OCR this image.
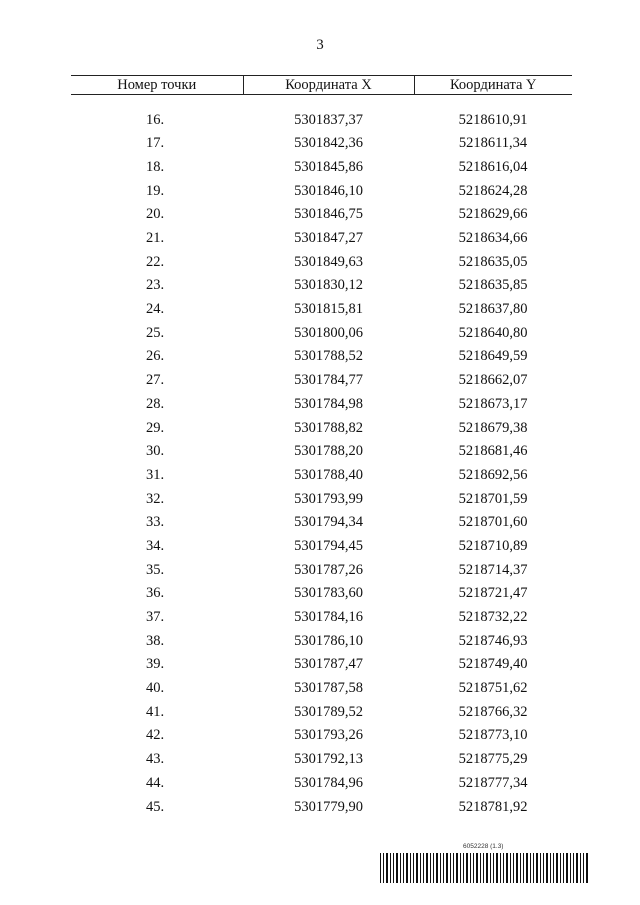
3
Номер точки	Координата X	Координата Y

16.	5301837,37	5218610,91
17.	5301842,36	5218611,34
18.	5301845,86	5218616,04
19.	5301846,10	5218624,28
20.	5301846,75	5218629,66
21.	5301847,27	5218634,66
22.	5301849,63	5218635,05
23.	5301830,12	5218635,85
24.	5301815,81	5218637,80
25.	5301800,06	5218640,80
26.	5301788,52	5218649,59
27.	5301784,77	5218662,07
28.	5301784,98	5218673,17
29.	5301788,82	5218679,38
30.	5301788,20	5218681,46
31.	5301788,40	5218692,56
32.	5301793,99	5218701,59
33.	5301794,34	5218701,60
34.	5301794,45	5218710,89
35.	5301787,26	5218714,37
36.	5301783,60	5218721,47
37.	5301784,16	5218732,22
38.	5301786,10	5218746,93
39.	5301787,47	5218749,40
40.	5301787,58	5218751,62
41.	5301789,52	5218766,32
42.	5301793,26	5218773,10
43.	5301792,13	5218775,29
44.	5301784,96	5218777,34
45.	5301779,90	5218781,92
6052228 (1.3)
